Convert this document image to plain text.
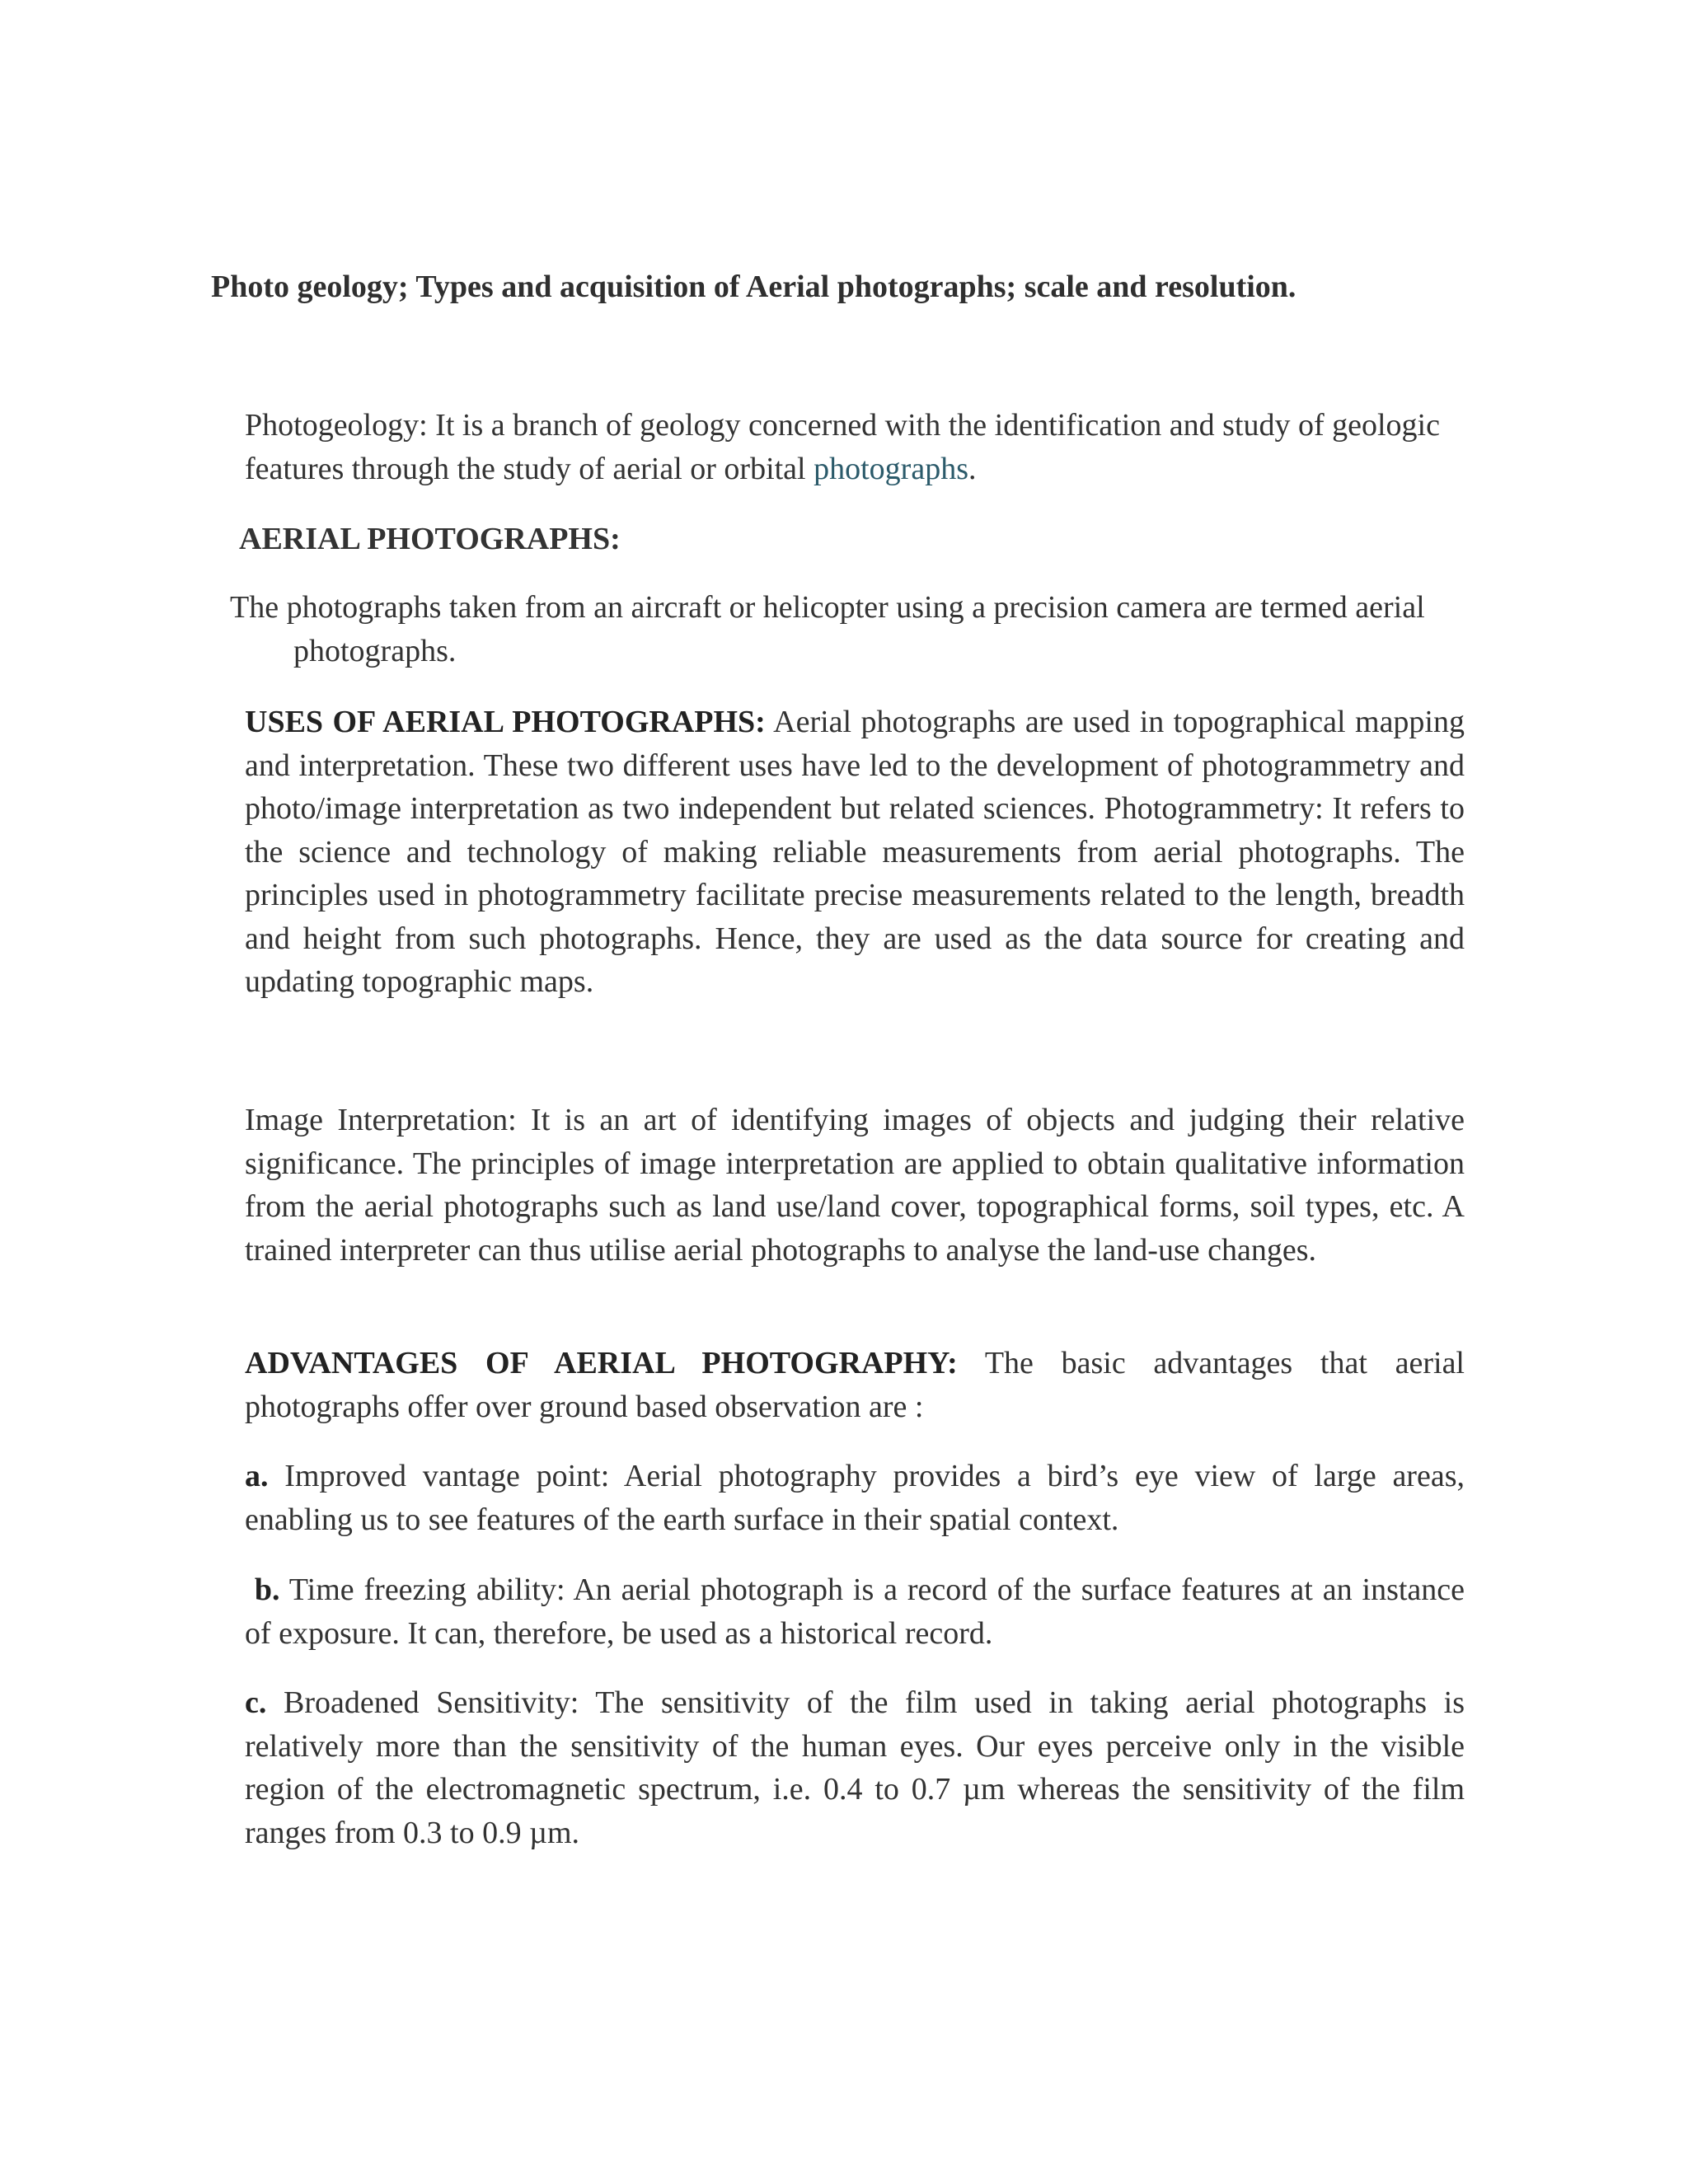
Photo geology; Types and acquisition of Aerial photographs; scale and resolution.

Photogeology: It is a branch of geology concerned with the identification and study of geologic features through the study of aerial or orbital photographs.

AERIAL PHOTOGRAPHS:

The photographs taken from an aircraft or helicopter using a precision camera are termed aerial photographs.

USES OF AERIAL PHOTOGRAPHS: Aerial photographs are used in topographical mapping and interpretation. These two different uses have led to the development of photogrammetry and photo/image interpretation as two independent but related sciences. Photogrammetry: It refers to the science and technology of making reliable measurements from aerial photographs. The principles used in photogrammetry facilitate precise measurements related to the length, breadth and height from such photographs. Hence, they are used as the data source for creating and updating topographic maps.

Image Interpretation: It is an art of identifying images of objects and judging their relative significance. The principles of image interpretation are applied to obtain qualitative information from the aerial photographs such as land use/land cover, topographical forms, soil types, etc. A trained interpreter can thus utilise aerial photographs to analyse the land-use changes.

ADVANTAGES OF AERIAL PHOTOGRAPHY: The basic advantages that aerial photographs offer over ground based observation are :

a. Improved vantage point: Aerial photography provides a bird’s eye view of large areas, enabling us to see features of the earth surface in their spatial context.

b. Time freezing ability: An aerial photograph is a record of the surface features at an instance of exposure. It can, therefore, be used as a historical record.

c. Broadened Sensitivity: The sensitivity of the film used in taking aerial photographs is relatively more than the sensitivity of the human eyes. Our eyes perceive only in the visible region of the electromagnetic spectrum, i.e. 0.4 to 0.7 µm whereas the sensitivity of the film ranges from 0.3 to 0.9 µm.
